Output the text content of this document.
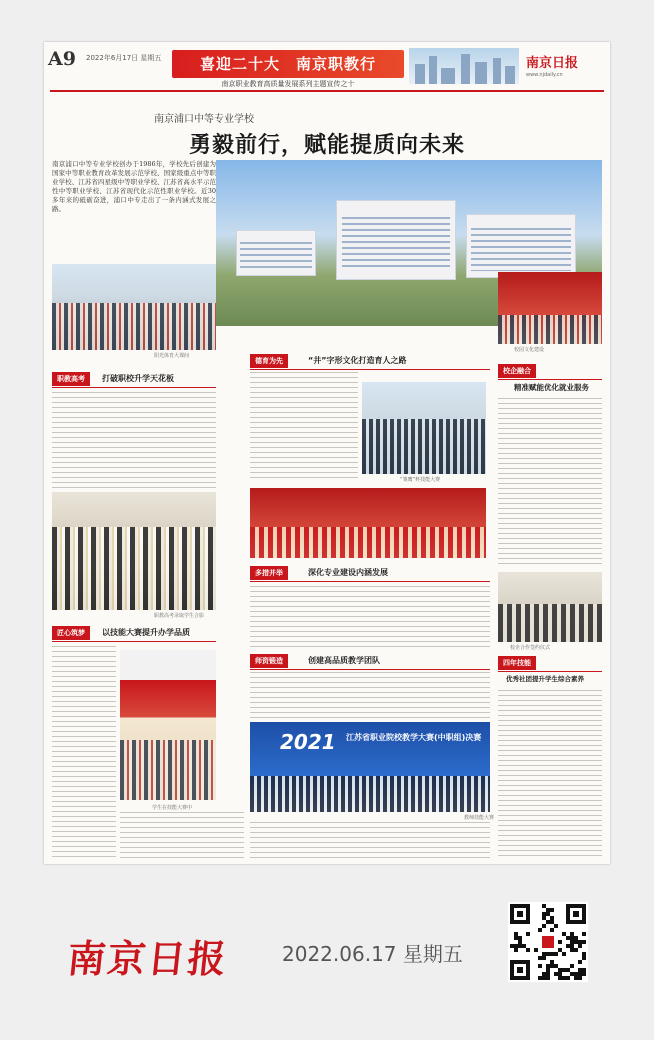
A9 2022年6月17日 星期五	喜迎二十大　南京职教行
南京职业教育高质量发展系列主题宣传之十
南京日报
www.njdaily.cn
南京浦口中等专业学校
勇毅前行，赋能提质向未来
南京浦口中等专业学校创办于1986年，学校先后创建为国家中等职业教育改革发展示范学校、国家级重点中等职业学校、江苏省四星级中等职业学校、江苏省高水平示范性中等职业学校、江苏省现代化示范性职业学校。近30多年来的砥砺奋进，浦口中专走出了一条内涵式发展之路。
校园文化建设
阳光体育大课间
职教高考	打破职校升学天花板
职教高考录取学生合影
匠心筑梦	以技能大赛提升办学品质
学生在技能大赛中
德育为先	“井”字形文化打造育人之路
“雏鹰”杯技能大赛
校企融合
精准赋能优化就业服务
校企合作签约仪式
多措并举	深化专业建设内涵发展
师资锻造	创建高品质教学团队
2021 江苏省职业院校教学大赛(中职组)决赛
教师技能大赛
四年技能
优秀社团提升学生综合素养
南京日报	2022.06.17 星期五
